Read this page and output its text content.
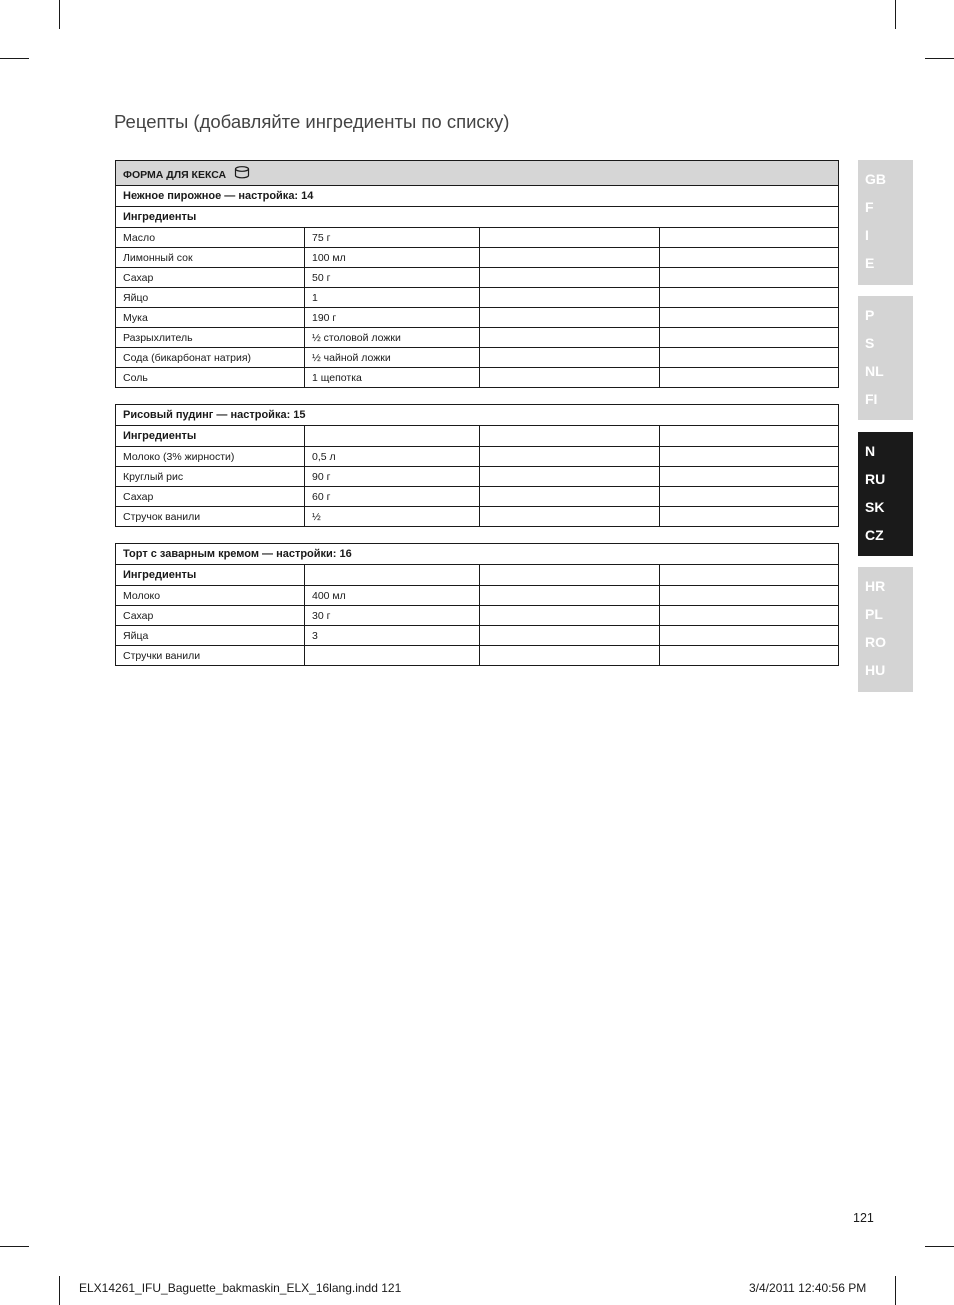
Рецепты (добавляйте ингредиенты по списку)
ФОРМА ДЛЯ КЕКСА			
Нежное пирожное — настройка: 14			
Ингредиенты			
Масло	75 г		
Лимонный сок	100 мл		
Сахар	50 г		
Яйцо	1		
Мука	190 г		
Разрыхлитель	½ столовой ложки		
Сода (бикарбонат натрия)	½ чайной ложки		
Соль	1 щепотка		
Рисовый пудинг — настройка: 15			
Ингредиенты			
Молоко (3% жирности)	0,5 л		
Круглый рис	90 г		
Сахар	60 г		
Стручок ванили	½		
Торт с заварным кремом — настройки: 16			
Ингредиенты			
Молоко	400 мл		
Сахар	30 г		
Яйца	3		
Стручки ванили			
GB
F
I
E
P
S
NL
FI
N
RU
SK
CZ
HR
PL
RO
HU
121
ELX14261_IFU_Baguette_bakmaskin_ELX_16lang.indd 121	3/4/2011 12:40:56 PM
